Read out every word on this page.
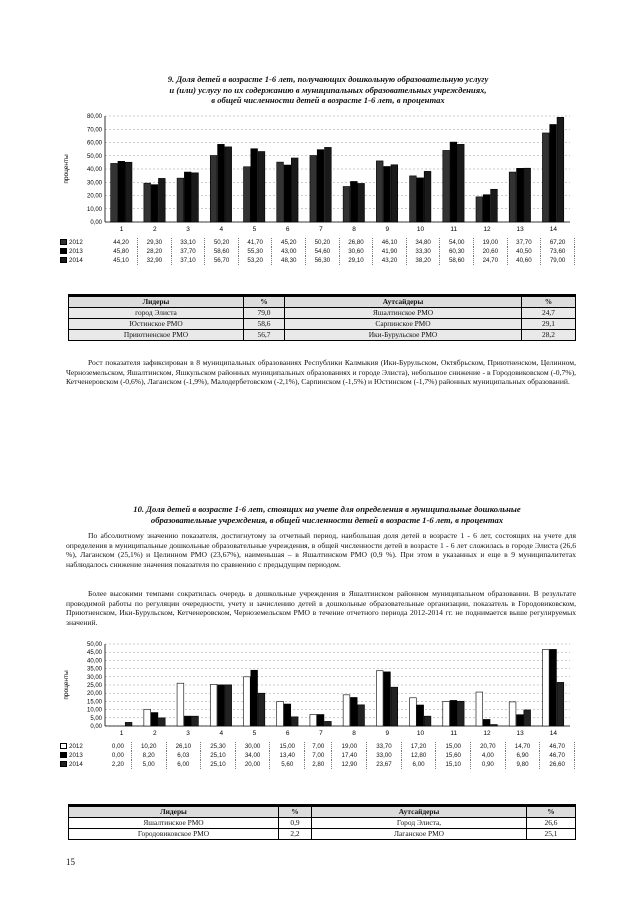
9. Доля детей в возрасте 1-6 лет, получающих дошкольную образовательную услугу
и (или) услугу по их содержанию в муниципальных образовательных учреждениях,
в общей численности детей в возрасте 1-6 лет, в процентах
проценты
0,00
10,00
20,00
30,00
40,00
50,00
60,00
70,00
80,00
1	2	3	4	5	6	7	8	9	10	11	12	13	14
2012	44,20	29,30	33,10	50,20	41,70	45,20	50,20	26,80	46,10	34,80	54,00	19,00	37,70	67,20
2013	45,80	28,20	37,70	58,60	55,30	43,00	54,60	30,60	41,90	33,30	60,30	20,60	40,50	73,60
2014	45,10	32,90	37,10	56,70	53,20	48,30	56,30	29,10	43,20	38,20	58,60	24,70	40,60	79,00
Лидеры	%	Аутсайдеры	%
город Элиста	79,0	Яшалтинское РМО	24,7
Юстинское РМО	58,6	Сарпинское РМО	29,1
Приютненское РМО	56,7	Ики-Бурульское РМО	28,2

Рост показателя зафиксирован в 8 муниципальных образованиях Республики Калмыкия (Ики-Бурульском, Октябрьском, Приютненском, Целинном, Черноземельском, Яшалтинском, Яшкульском районных муниципальных образованиях и городе Элиста), небольшое снижение - в Городовиковском (-0,7%), Кетченеровском (-0,6%), Лаганском (-1,9%), Малодербетовском (-2,1%), Сарпинском (-1,5%) и Юстинском (-1,7%) районных муниципальных образований.

10. Доля детей в возрасте 1-6 лет, стоящих на учете для определения в муниципальные дошкольные
образовательные учреждения, в общей численности детей в возрасте 1-6 лет, в процентах

По абсолютному значению показателя, достигнутому за отчетный период, наибольшая доля детей в возрасте 1 - 6 лет, состоящих на учете для определения в муниципальные дошкольные образовательные учреждения, в общей численности детей в возрасте 1 - 6 лет сложилась в городе Элиста (26,6 %), Лаганском (25,1%) и Целинном РМО (23,67%), наименьшая – в Яшалтинском РМО (0,9 %). При этом в указанных и еще в 9 муниципалитетах наблюдалось снижение значения показателя по сравнению с предыдущим периодом.

Более высокими темпами сократилась очередь в дошкольные учреждения в Яшалтинском районном муниципальном образовании. В результате проводимой работы по регуляции очередности, учету и зачислению детей в дошкольные образовательные организации, показатель в Городовиковском, Приютненском, Ики-Бурульском, Кетченеровском, Черноземельском РМО в течение отчетного периода 2012-2014 гг. не поднимается выше регулируемых значений.

проценты
0,00
5,00
10,00
15,00
20,00
25,00
30,00
35,00
40,00
45,00
50,00
1	2	3	4	5	6	7	8	9	10	11	12	13	14
2012	0,00	10,20	26,10	25,30	30,00	15,00	7,00	19,00	33,70	17,20	15,00	20,70	14,70	46,70
2013	0,00	8,20	6,03	25,10	34,00	13,40	7,00	17,40	33,00	12,80	15,60	4,00	6,90	46,70
2014	2,20	5,00	6,00	25,10	20,00	5,60	2,80	12,90	23,67	6,00	15,10	0,90	9,80	26,60
Лидеры	%	Аутсайдеры	%
Яшалтинское РМО	0,9	Город Элиста,	26,6
Городовиковское РМО	2,2	Лаганское РМО	25,1
15
